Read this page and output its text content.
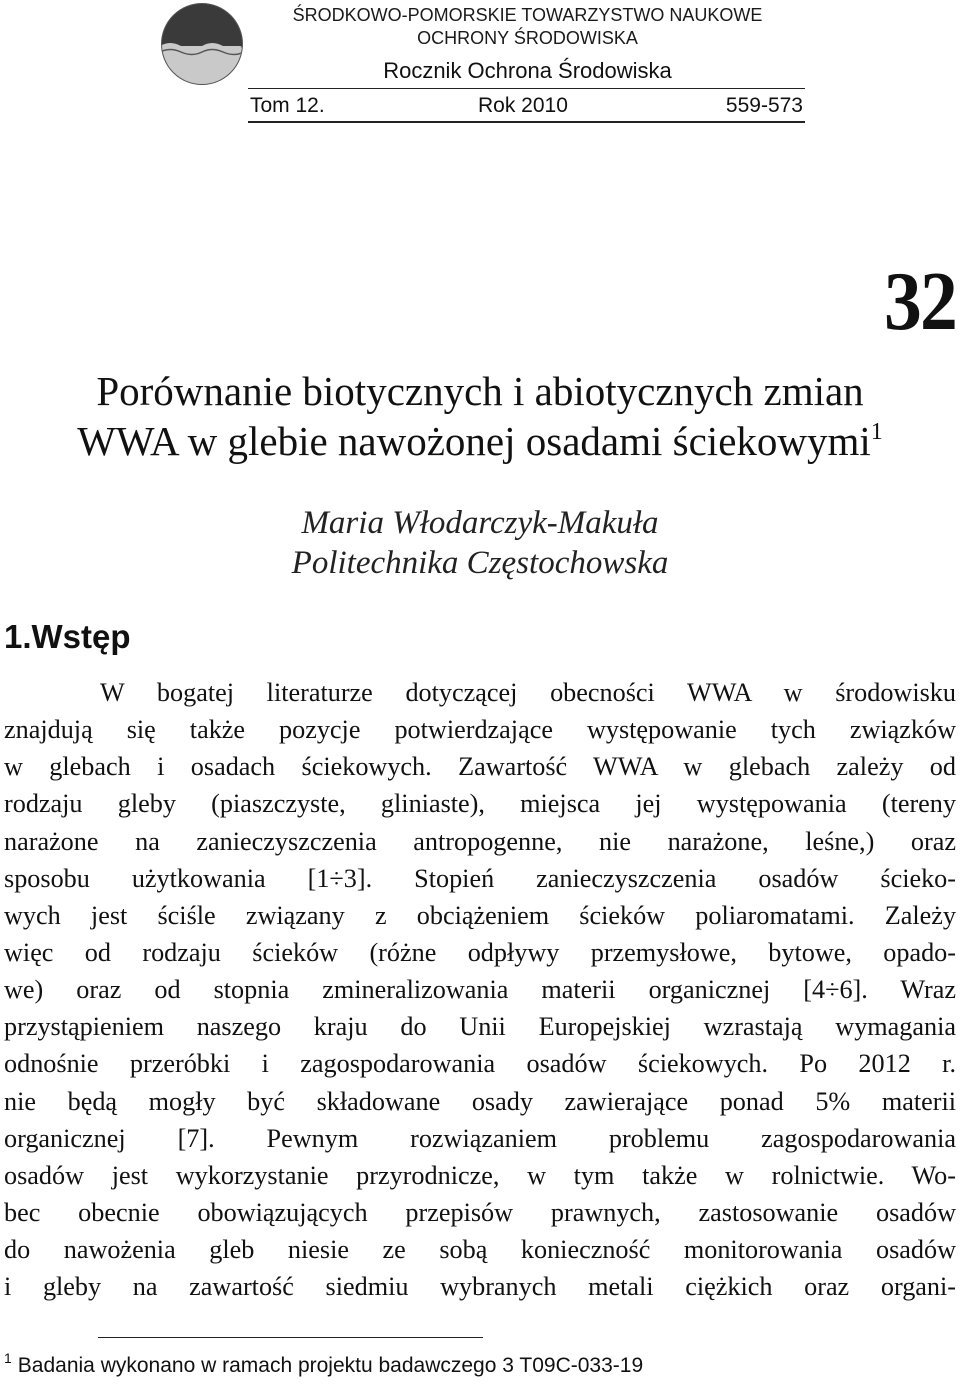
ŚRODKOWO-POMORSKIE TOWARZYSTWO NAUKOWE
OCHRONY ŚRODOWISKA
Rocznik Ochrona Środowiska
Tom 12.	Rok 2010	559-573
32
Porównanie biotycznych i abiotycznych zmian
WWA w glebie nawożonej osadami ściekowymi$^1$
Maria Włodarczyk-Makuła
Politechnika Częstochowska
1.Wstęp
W bogatej literaturze dotyczącej obecności WWA w środowisku
znajdują się także pozycje potwierdzające występowanie tych związków
w glebach i osadach ściekowych. Zawartość WWA w glebach zależy od
rodzaju gleby (piaszczyste, gliniaste), miejsca jej występowania (tereny
narażone na zanieczyszczenia antropogenne, nie narażone, leśne,) oraz
sposobu użytkowania [1÷3]. Stopień zanieczyszczenia osadów ścieko-
wych jest ściśle związany z obciążeniem ścieków poliaromatami. Zależy
więc od rodzaju ścieków (różne odpływy przemysłowe, bytowe, opado-
we) oraz od stopnia zmineralizowania materii organicznej [4÷6]. Wraz
przystąpieniem naszego kraju do Unii Europejskiej wzrastają wymagania
odnośnie przeróbki i zagospodarowania osadów ściekowych. Po 2012 r.
nie będą mogły być składowane osady zawierające ponad 5% materii
organicznej [7]. Pewnym rozwiązaniem problemu zagospodarowania
osadów jest wykorzystanie przyrodnicze, w tym także w rolnictwie. Wo-
bec obecnie obowiązujących przepisów prawnych, zastosowanie osadów
do nawożenia gleb niesie ze sobą konieczność monitorowania osadów
i gleby na zawartość siedmiu wybranych metali ciężkich oraz organi-
$^1$ Badania wykonano w ramach projektu badawczego 3 T09C-033-19
